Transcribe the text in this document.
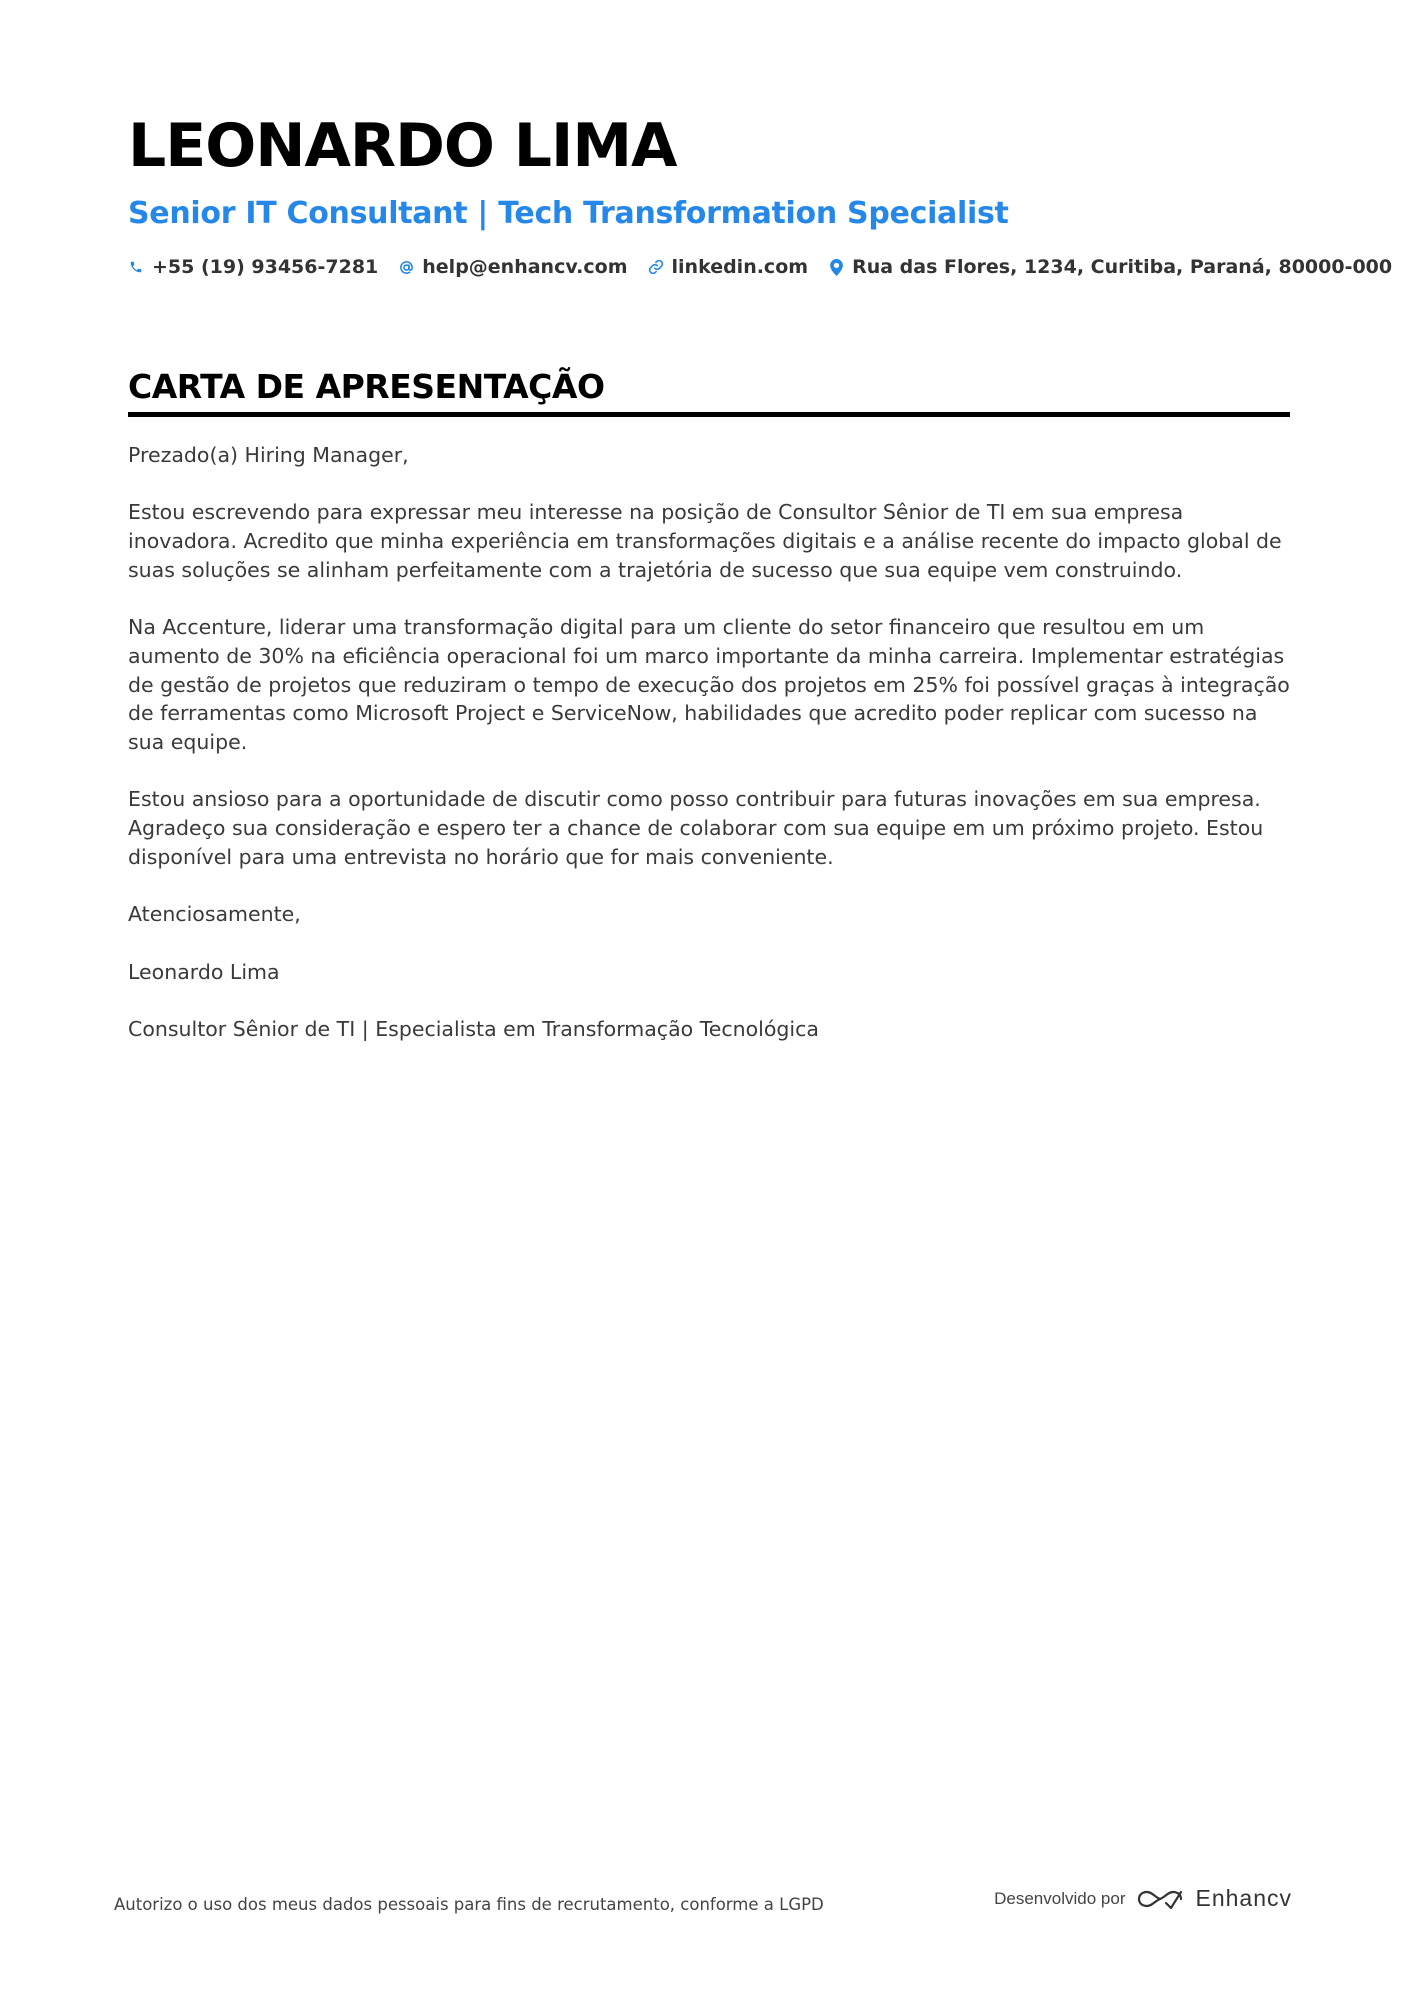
LEONARDO LIMA
Senior IT Consultant | Tech Transformation Specialist
+55 (19) 93456-7281 help@enhancv.com linkedin.com Rua das Flores, 1234, Curitiba, Paraná, 80000-000
CARTA DE APRESENTAÇÃO

Prezado(a) Hiring Manager,

Estou escrevendo para expressar meu interesse na posição de Consultor Sênior de TI em sua empresa inovadora. Acredito que minha experiência em transformações digitais e a análise recente do impacto global de suas soluções se alinham perfeitamente com a trajetória de sucesso que sua equipe vem construindo.

Na Accenture, liderar uma transformação digital para um cliente do setor financeiro que resultou em um aumento de 30% na eficiência operacional foi um marco importante da minha carreira. Implementar estratégias de gestão de projetos que reduziram o tempo de execução dos projetos em 25% foi possível graças à integração de ferramentas como Microsoft Project e ServiceNow, habilidades que acredito poder replicar com sucesso na sua equipe.

Estou ansioso para a oportunidade de discutir como posso contribuir para futuras inovações em sua empresa. Agradeço sua consideração e espero ter a chance de colaborar com sua equipe em um próximo projeto. Estou disponível para uma entrevista no horário que for mais conveniente.

Atenciosamente,

Leonardo Lima

Consultor Sênior de TI | Especialista em Transformação Tecnológica

Autorizo o uso dos meus dados pessoais para fins de recrutamento, conforme a LGPD	Desenvolvido por	Enhancv
